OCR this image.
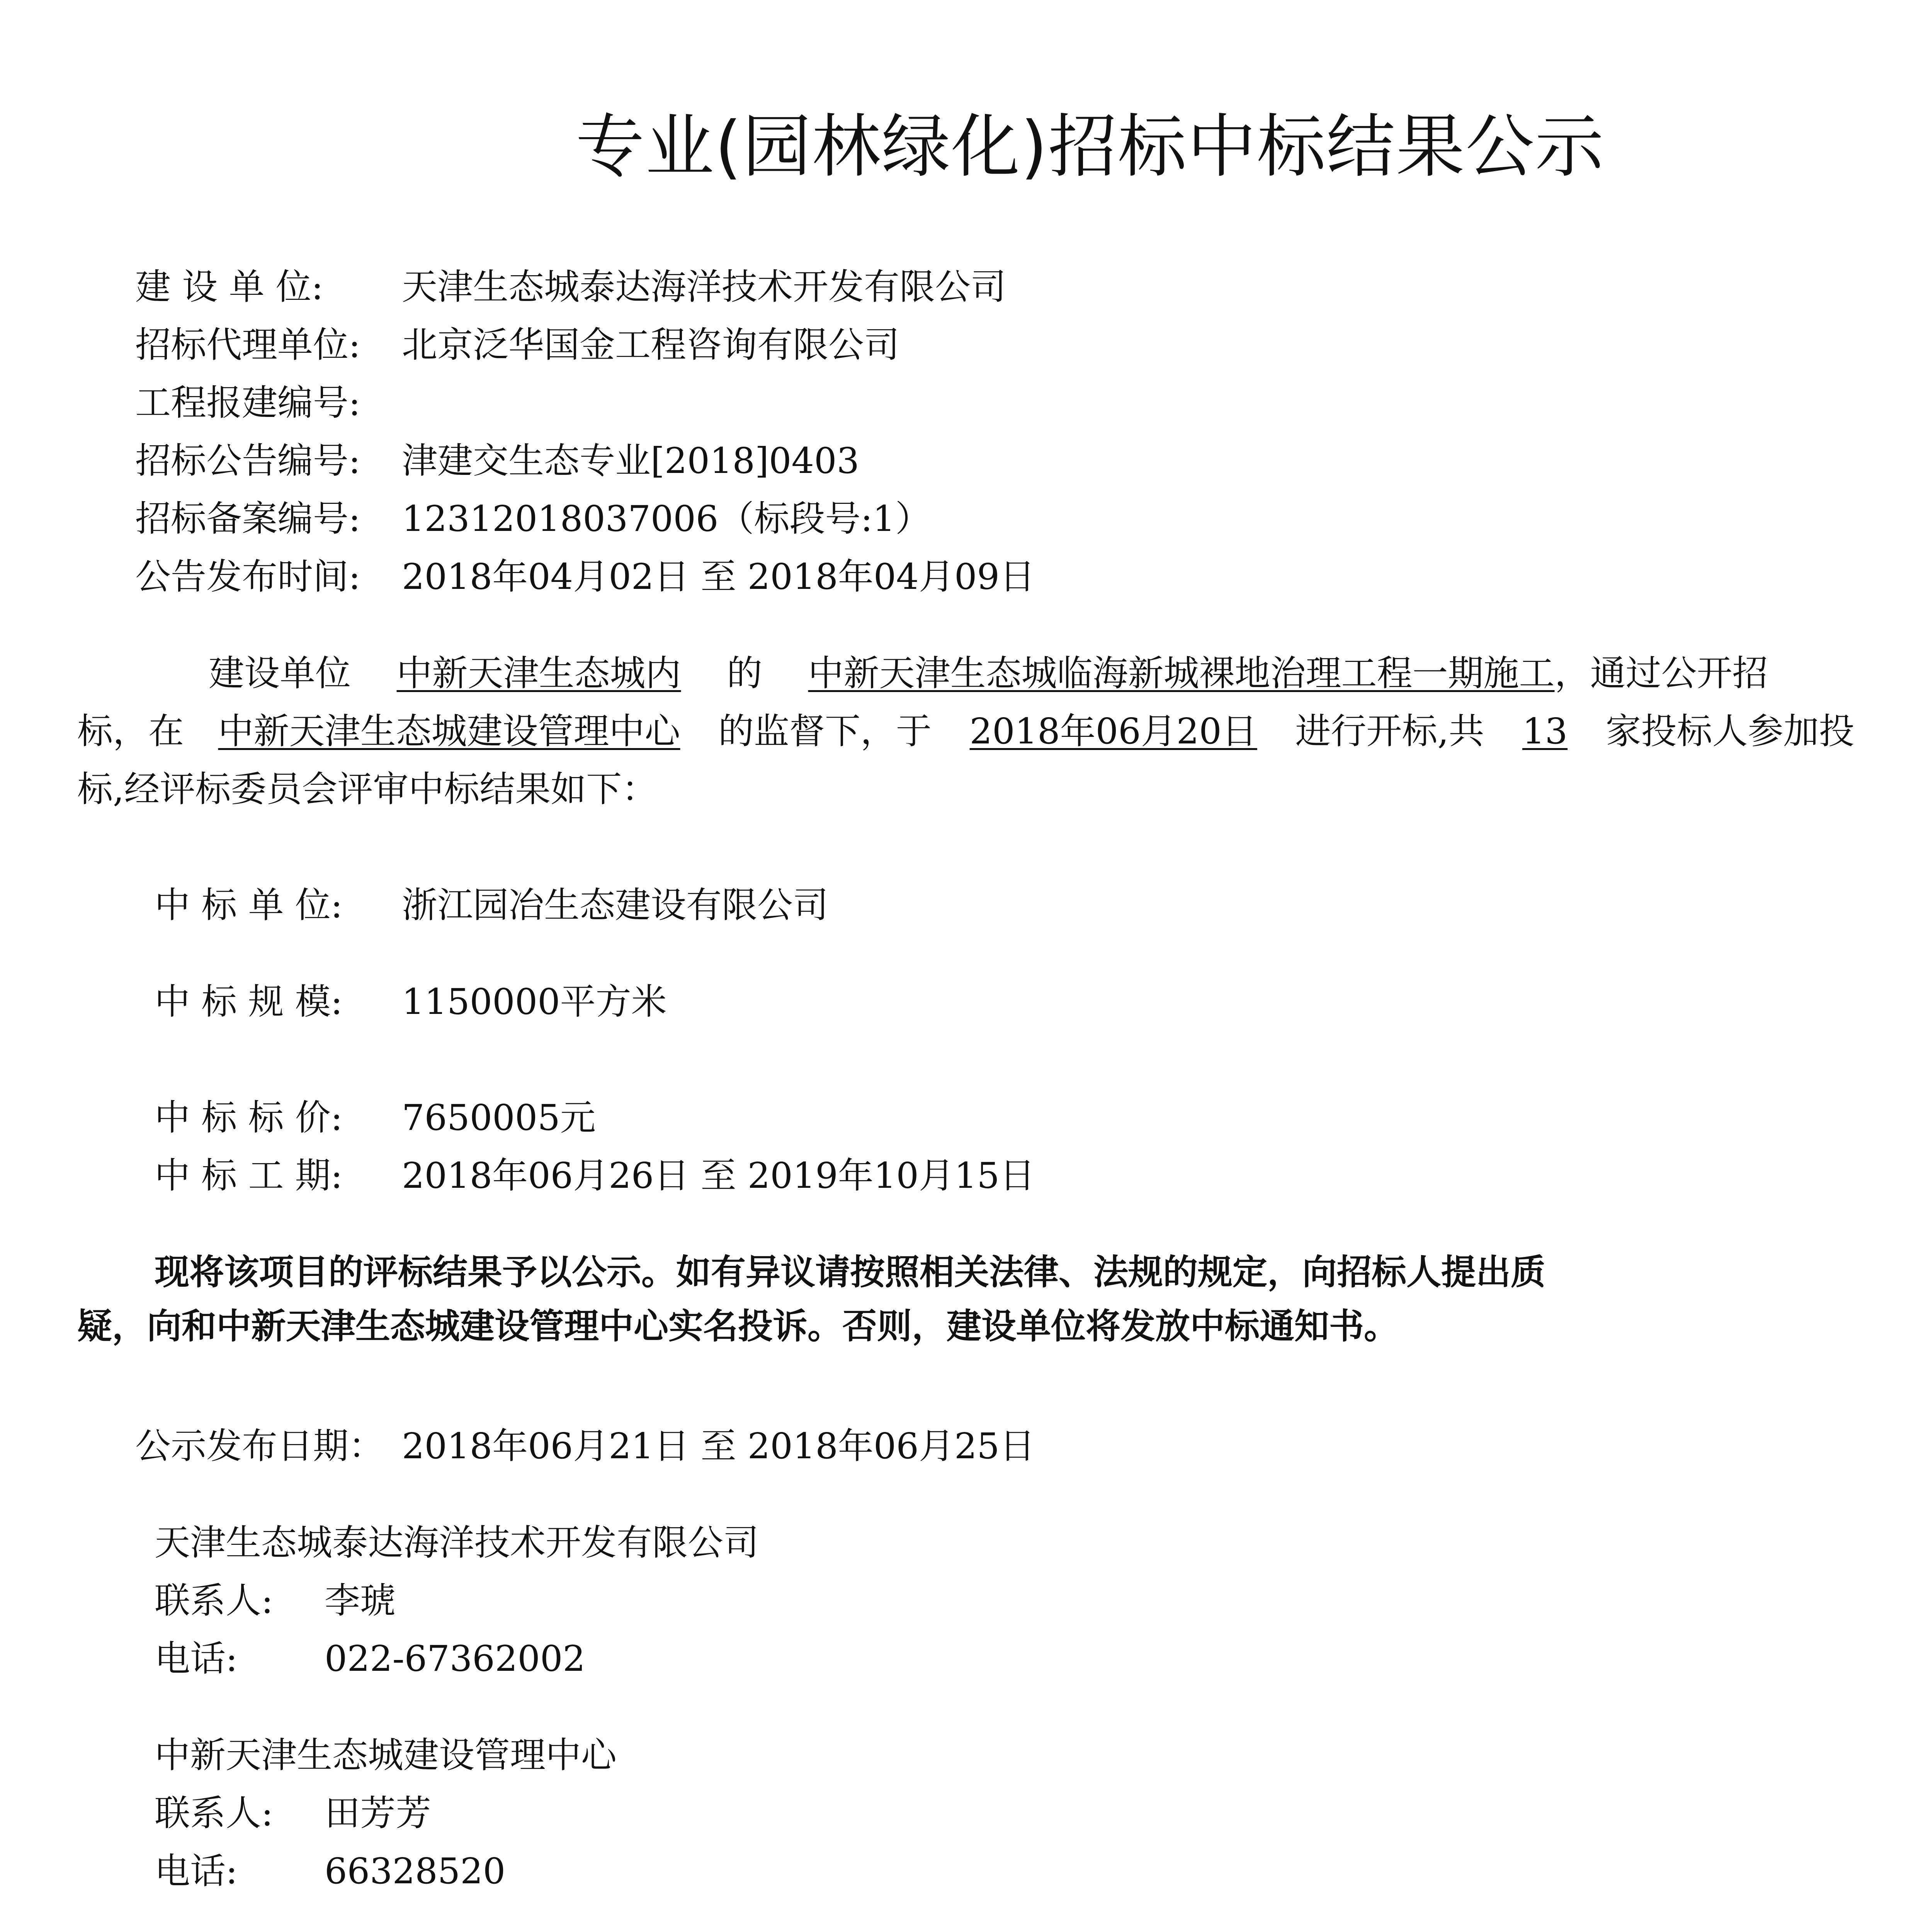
专业(园林绿化)招标中标结果公示
建 设 单 位: 天津生态城泰达海洋技术开发有限公司
招标代理单位: 北京泛华国金工程咨询有限公司
工程报建编号:
招标公告编号: 津建交生态专业[2018]0403
招标备案编号: 12312018037006（标段号:1）
公告发布时间: 2018年04月02日 至 2018年04月09日
建设单位 中新天津生态城内 的 中新天津生态城临海新城裸地治理工程一期施工，通过公开招
标，在 中新天津生态城建设管理中心 的监督下，于 2018年06月20日 进行开标,共 13 家投标人参加投
标,经评标委员会评审中标结果如下：
中 标 单 位: 浙江园冶生态建设有限公司
中 标 规 模: 1150000平方米
中 标 标 价: 7650005元
中 标 工 期: 2018年06月26日 至 2019年10月15日
现将该项目的评标结果予以公示。如有异议请按照相关法律、法规的规定，向招标人提出质
疑，向和中新天津生态城建设管理中心实名投诉。否则，建设单位将发放中标通知书。
公示发布日期： 2018年06月21日 至 2018年06月25日
天津生态城泰达海洋技术开发有限公司
联系人: 李琥
电话: 022-67362002
中新天津生态城建设管理中心
联系人: 田芳芳
电话: 66328520
